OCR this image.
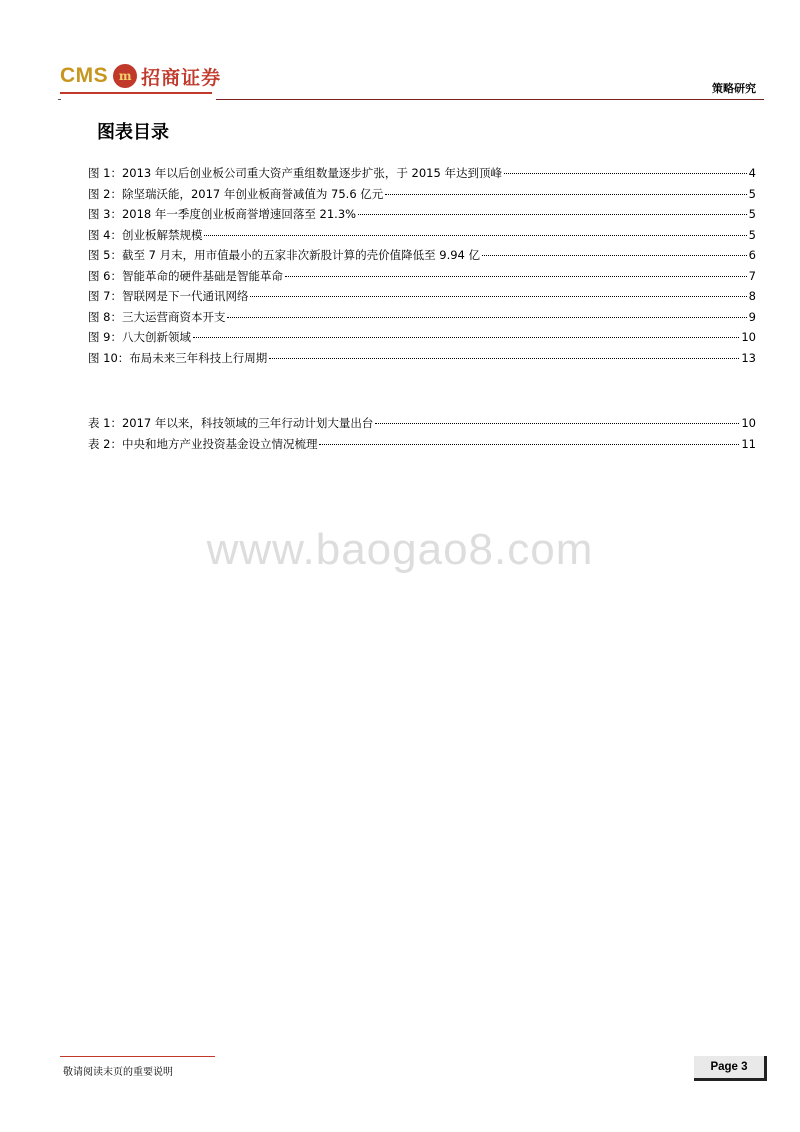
CMS m 招商证券	策略研究
图表目录
图 1：2013 年以后创业板公司重大资产重组数量逐步扩张，于 2015 年达到顶峰	4
图 2：除坚瑞沃能，2017 年创业板商誉减值为 75.6 亿元	5
图 3：2018 年一季度创业板商誉增速回落至 21.3%	5
图 4：创业板解禁规模	5
图 5：截至 7 月末，用市值最小的五家非次新股计算的壳价值降低至 9.94 亿	6
图 6：智能革命的硬件基础是智能革命	7
图 7：智联网是下一代通讯网络	8
图 8：三大运营商资本开支	9
图 9：八大创新领域	10
图 10：布局未来三年科技上行周期	13
表 1：2017 年以来，科技领域的三年行动计划大量出台	10
表 2：中央和地方产业投资基金设立情况梳理	11
www.baogao8.com
敬请阅读末页的重要说明	Page 3
